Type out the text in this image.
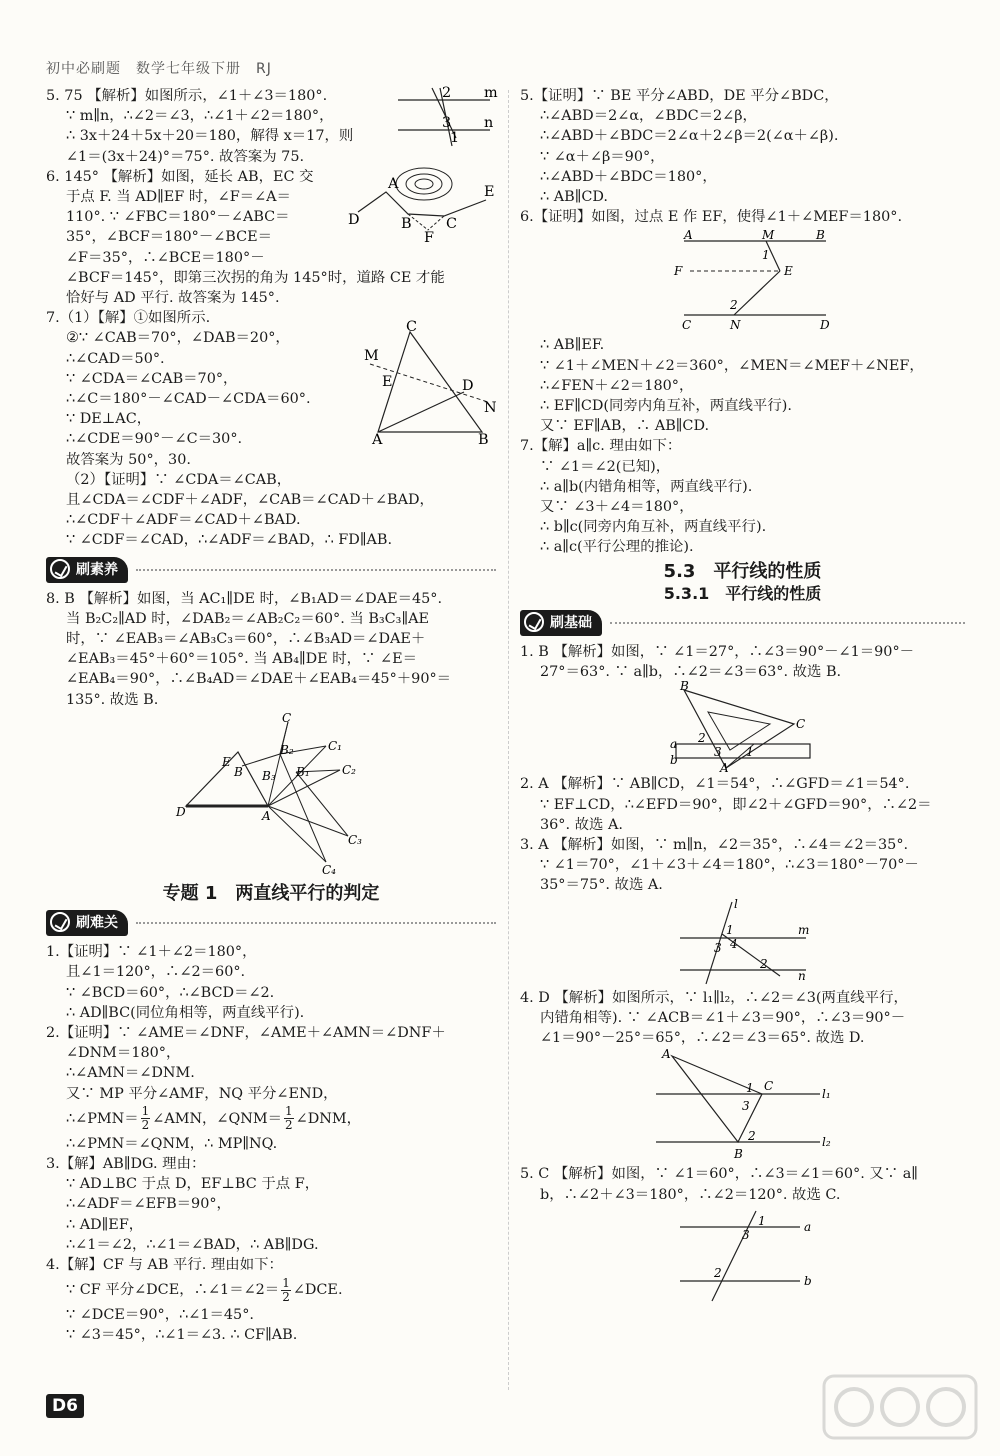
初中必刷题　数学七年级下册　RJ
5. 75 【解析】如图所示，∠1＋∠3＝180°.
∵ m∥n，∴∠2＝∠3，∴∠1＋∠2＝180°，
∴ 3x＋24＋5x＋20＝180，解得 x＝17，则
∠1＝(3x＋24)°＝75°. 故答案为 75.
m
n
2
3
1
6. 145° 【解析】如图，延长 AB，EC 交
于点 F. 当 AD∥EF 时，∠F＝∠A＝
110°. ∵ ∠FBC＝180°－∠ABC＝
35°，∠BCF＝180°－∠BCE＝
∠F＝35°，∴∠BCE＝180°－
∠BCF＝145°，即第三次拐的角为 145°时，道路 CE 才能
恰好与 AD 平行. 故答案为 145°.
A
B C
D
E
F
7.（1）【解】①如图所示.
②∵ ∠CAB＝70°，∠DAB＝20°，
∴∠CAD＝50°.
∵ ∠CDA＝∠CAB＝70°，
∴∠C＝180°－∠CAD－∠CDA＝60°.
∵ DE⊥AC，
∴∠CDE＝90°－∠C＝30°.
故答案为 50°，30.
（2）【证明】∵ ∠CDA＝∠CAB，
且∠CDA＝∠CDF＋∠ADF，∠CAB＝∠CAD＋∠BAD，
∴∠CDF＋∠ADF＝∠CAD＋∠BAD.
∵ ∠CDF＝∠CAD，∴∠ADF＝∠BAD，∴ FD∥AB.
C
M
E	D
N
A	B
刷素养
8. B 【解析】如图，当 AC₁∥DE 时，∠B₁AD＝∠DAE＝45°.
当 B₂C₂∥AD 时，∠DAB₂＝∠AB₂C₂＝60°. 当 B₃C₃∥AE
时，∵ ∠EAB₃＝∠AB₃C₃＝60°，∴∠B₃AD＝∠DAE＋
∠EAB₃＝45°＋60°＝105°. 当 AB₄∥DE 时，∵ ∠E＝
∠EAB₄＝90°，∴∠B₄AD＝∠DAE＋∠EAB₄＝45°＋90°＝
135°. 故选 B.
C
E
B
B₂	C₁
C₂
B₁
B₃
D	A
C₃
C₄
专题 1　两直线平行的判定
刷难关
1.【证明】∵ ∠1＋∠2＝180°，
且∠1＝120°，∴∠2＝60°.
∵ ∠BCD＝60°，∴∠BCD＝∠2.
∴ AD∥BC(同位角相等，两直线平行).
2.【证明】∵ ∠AME＝∠DNF，∠AME＋∠AMN＝∠DNF＋
∠DNM＝180°，
∴∠AMN＝∠DNM.
又∵ MP 平分∠AMF，NQ 平分∠END，
∴∠PMN＝ $\frac{1}{2}$ ∠AMN，∠QNM＝ $\frac{1}{2}$ ∠DNM，
∴∠PMN＝∠QNM，∴ MP∥NQ.
3.【解】AB∥DG. 理由：
∵ AD⊥BC 于点 D，EF⊥BC 于点 F，
∴∠ADF＝∠EFB＝90°，
∴ AD∥EF，
∴∠1＝∠2，∴∠1＝∠BAD，∴ AB∥DG.
4.【解】CF 与 AB 平行. 理由如下：
∵ CF 平分∠DCE，∴∠1＝∠2＝ $\frac{1}{2}$ ∠DCE.
∵ ∠DCE＝90°，∴∠1＝45°.
∵ ∠3＝45°，∴∠1＝∠3. ∴ CF∥AB.
5.【证明】∵ BE 平分∠ABD，DE 平分∠BDC，
∴∠ABD＝2∠α，∠BDC＝2∠β，
∴∠ABD＋∠BDC＝2∠α＋2∠β＝2(∠α＋∠β).
∵ ∠α＋∠β＝90°，
∴∠ABD＋∠BDC＝180°，
∴ AB∥CD.
6.【证明】如图，过点 E 作 EF，使得∠1＋∠MEF＝180°.
A	M	B
1
F	E
2
C	N	D
∴ AB∥EF.
∵ ∠1＋∠MEN＋∠2＝360°，∠MEN＝∠MEF＋∠NEF，
∴∠FEN＋∠2＝180°，
∴ EF∥CD(同旁内角互补，两直线平行).
又∵ EF∥AB，∴ AB∥CD.
7.【解】a∥c. 理由如下：
∵ ∠1＝∠2(已知)，
∴ a∥b(内错角相等，两直线平行).
又∵ ∠3＋∠4＝180°，
∴ b∥c(同旁内角互补，两直线平行).
∴ a∥c(平行公理的推论).
5.3　平行线的性质
5.3.1　平行线的性质
刷基础
1. B 【解析】如图，∵ ∠1＝27°，∴∠3＝90°－∠1＝90°－
27°＝63°. ∵ a∥b，∴∠2＝∠3＝63°. 故选 B.
B
C
a 2
b
3
A
1
2. A 【解析】∵ AB∥CD，∠1＝54°，∴∠GFD＝∠1＝54°.
∵ EF⊥CD，∴∠EFD＝90°，即∠2＋∠GFD＝90°，∴∠2＝
36°. 故选 A.
3. A 【解析】如图，∵ m∥n，∠2＝35°，∴∠4＝∠2＝35°.
∵ ∠1＝70°，∠1＋∠3＋∠4＝180°，∴∠3＝180°－70°－
35°＝75°. 故选 A.
l
1
3 4
m
2
n
4. D 【解析】如图所示，∵ l₁∥l₂，∴∠2＝∠3(两直线平行，
内错角相等). ∵ ∠ACB＝∠1＋∠3＝90°，∴∠3＝90°－
∠1＝90°－25°＝65°，∴∠2＝∠3＝65°. 故选 D.
A
1 C
l₁
3
2
B
l₂
5. C 【解析】如图，∵ ∠1＝60°，∴∠3＝∠1＝60°. 又∵ a∥
b，∴∠2＋∠3＝180°，∴∠2＝120°. 故选 C.
1
3
a
2
b
D6
